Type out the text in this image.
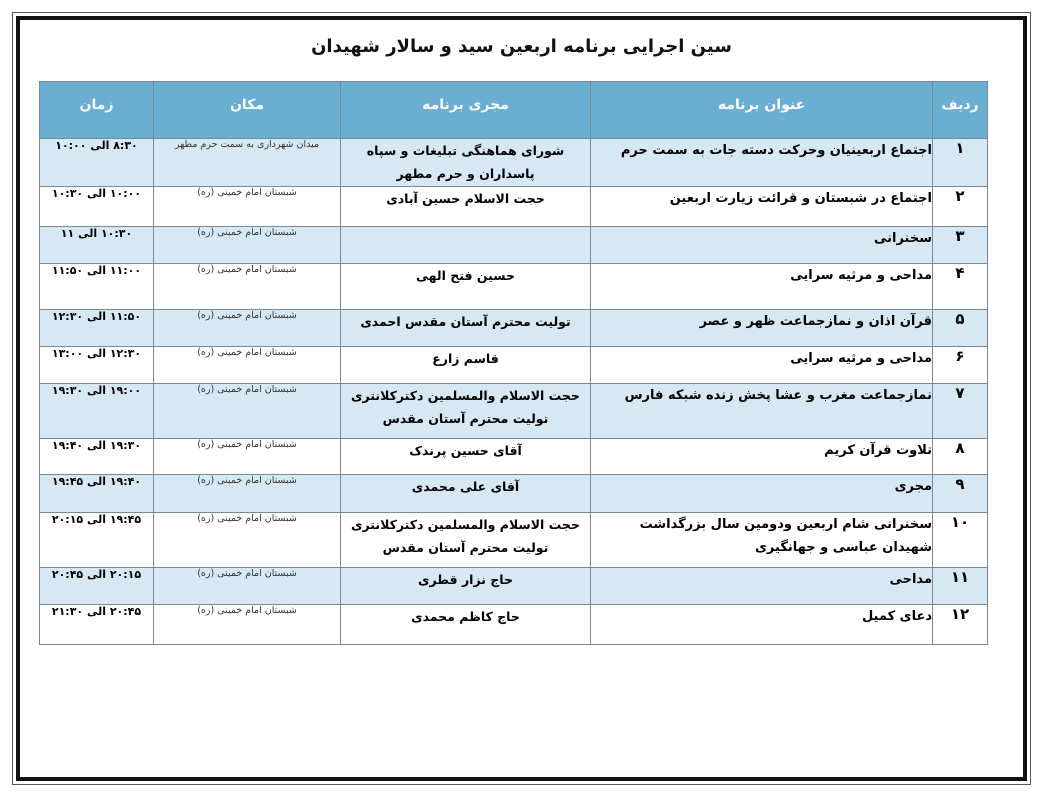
سین اجرایی برنامه اربعین سید و سالار شهیدان
ردیف	عنوان برنامه	مجری برنامه	مکان	زمان
۱	اجتماع اربعینیان وحرکت دسته جات به سمت حرم	شورای هماهنگی تبلیغات و سپاه پاسداران و حرم مطهر	میدان شهرداری به سمت حرم مطهر	۸:۳۰ الی ۱۰:۰۰
۲	اجتماع در شبستان و قرائت زیارت اربعین	حجت الاسلام حسین آبادی	شبستان امام خمینی (ره)	۱۰:۰۰ الی ۱۰:۳۰
۳	سخنرانی		شبستان امام خمینی (ره)	۱۰:۳۰ الی ۱۱
۴	مداحی و مرثیه سرایی	حسین فتح الهی	شبستان امام خمینی (ره)	۱۱:۰۰ الی ۱۱:۵۰
۵	قرآن اذان و نمازجماعت ظهر و عصر	تولیت محترم آستان مقدس احمدی	شبستان امام خمینی (ره)	۱۱:۵۰ الی ۱۲:۳۰
۶	مداحی و مرثیه سرایی	قاسم زارع	شبستان امام خمینی (ره)	۱۲:۳۰ الی ۱۳:۰۰
۷	نمازجماعت مغرب و عشا پخش زنده شبکه فارس	حجت الاسلام والمسلمین دکترکلانتری تولیت محترم آستان مقدس	شبستان امام خمینی (ره)	۱۹:۰۰ الی ۱۹:۳۰
۸	تلاوت قرآن کریم	آقای حسین پرندک	شبستان امام خمینی (ره)	۱۹:۳۰ الی ۱۹:۴۰
۹	مجری	آقای علی محمدی	شبستان امام خمینی (ره)	۱۹:۴۰ الی ۱۹:۴۵
۱۰	سخنرانی شام اربعین ودومین سال بزرگداشت شهیدان عباسی و جهانگیری	حجت الاسلام والمسلمین دکترکلانتری تولیت محترم آستان مقدس	شبستان امام خمینی (ره)	۱۹:۴۵ الی ۲۰:۱۵
۱۱	مداحی	حاج نزار قطری	شبستان امام خمینی (ره)	۲۰:۱۵ الی ۲۰:۴۵
۱۲	دعای کمیل	حاج کاظم محمدی	شبستان امام خمینی (ره)	۲۰:۴۵ الی ۲۱:۳۰
